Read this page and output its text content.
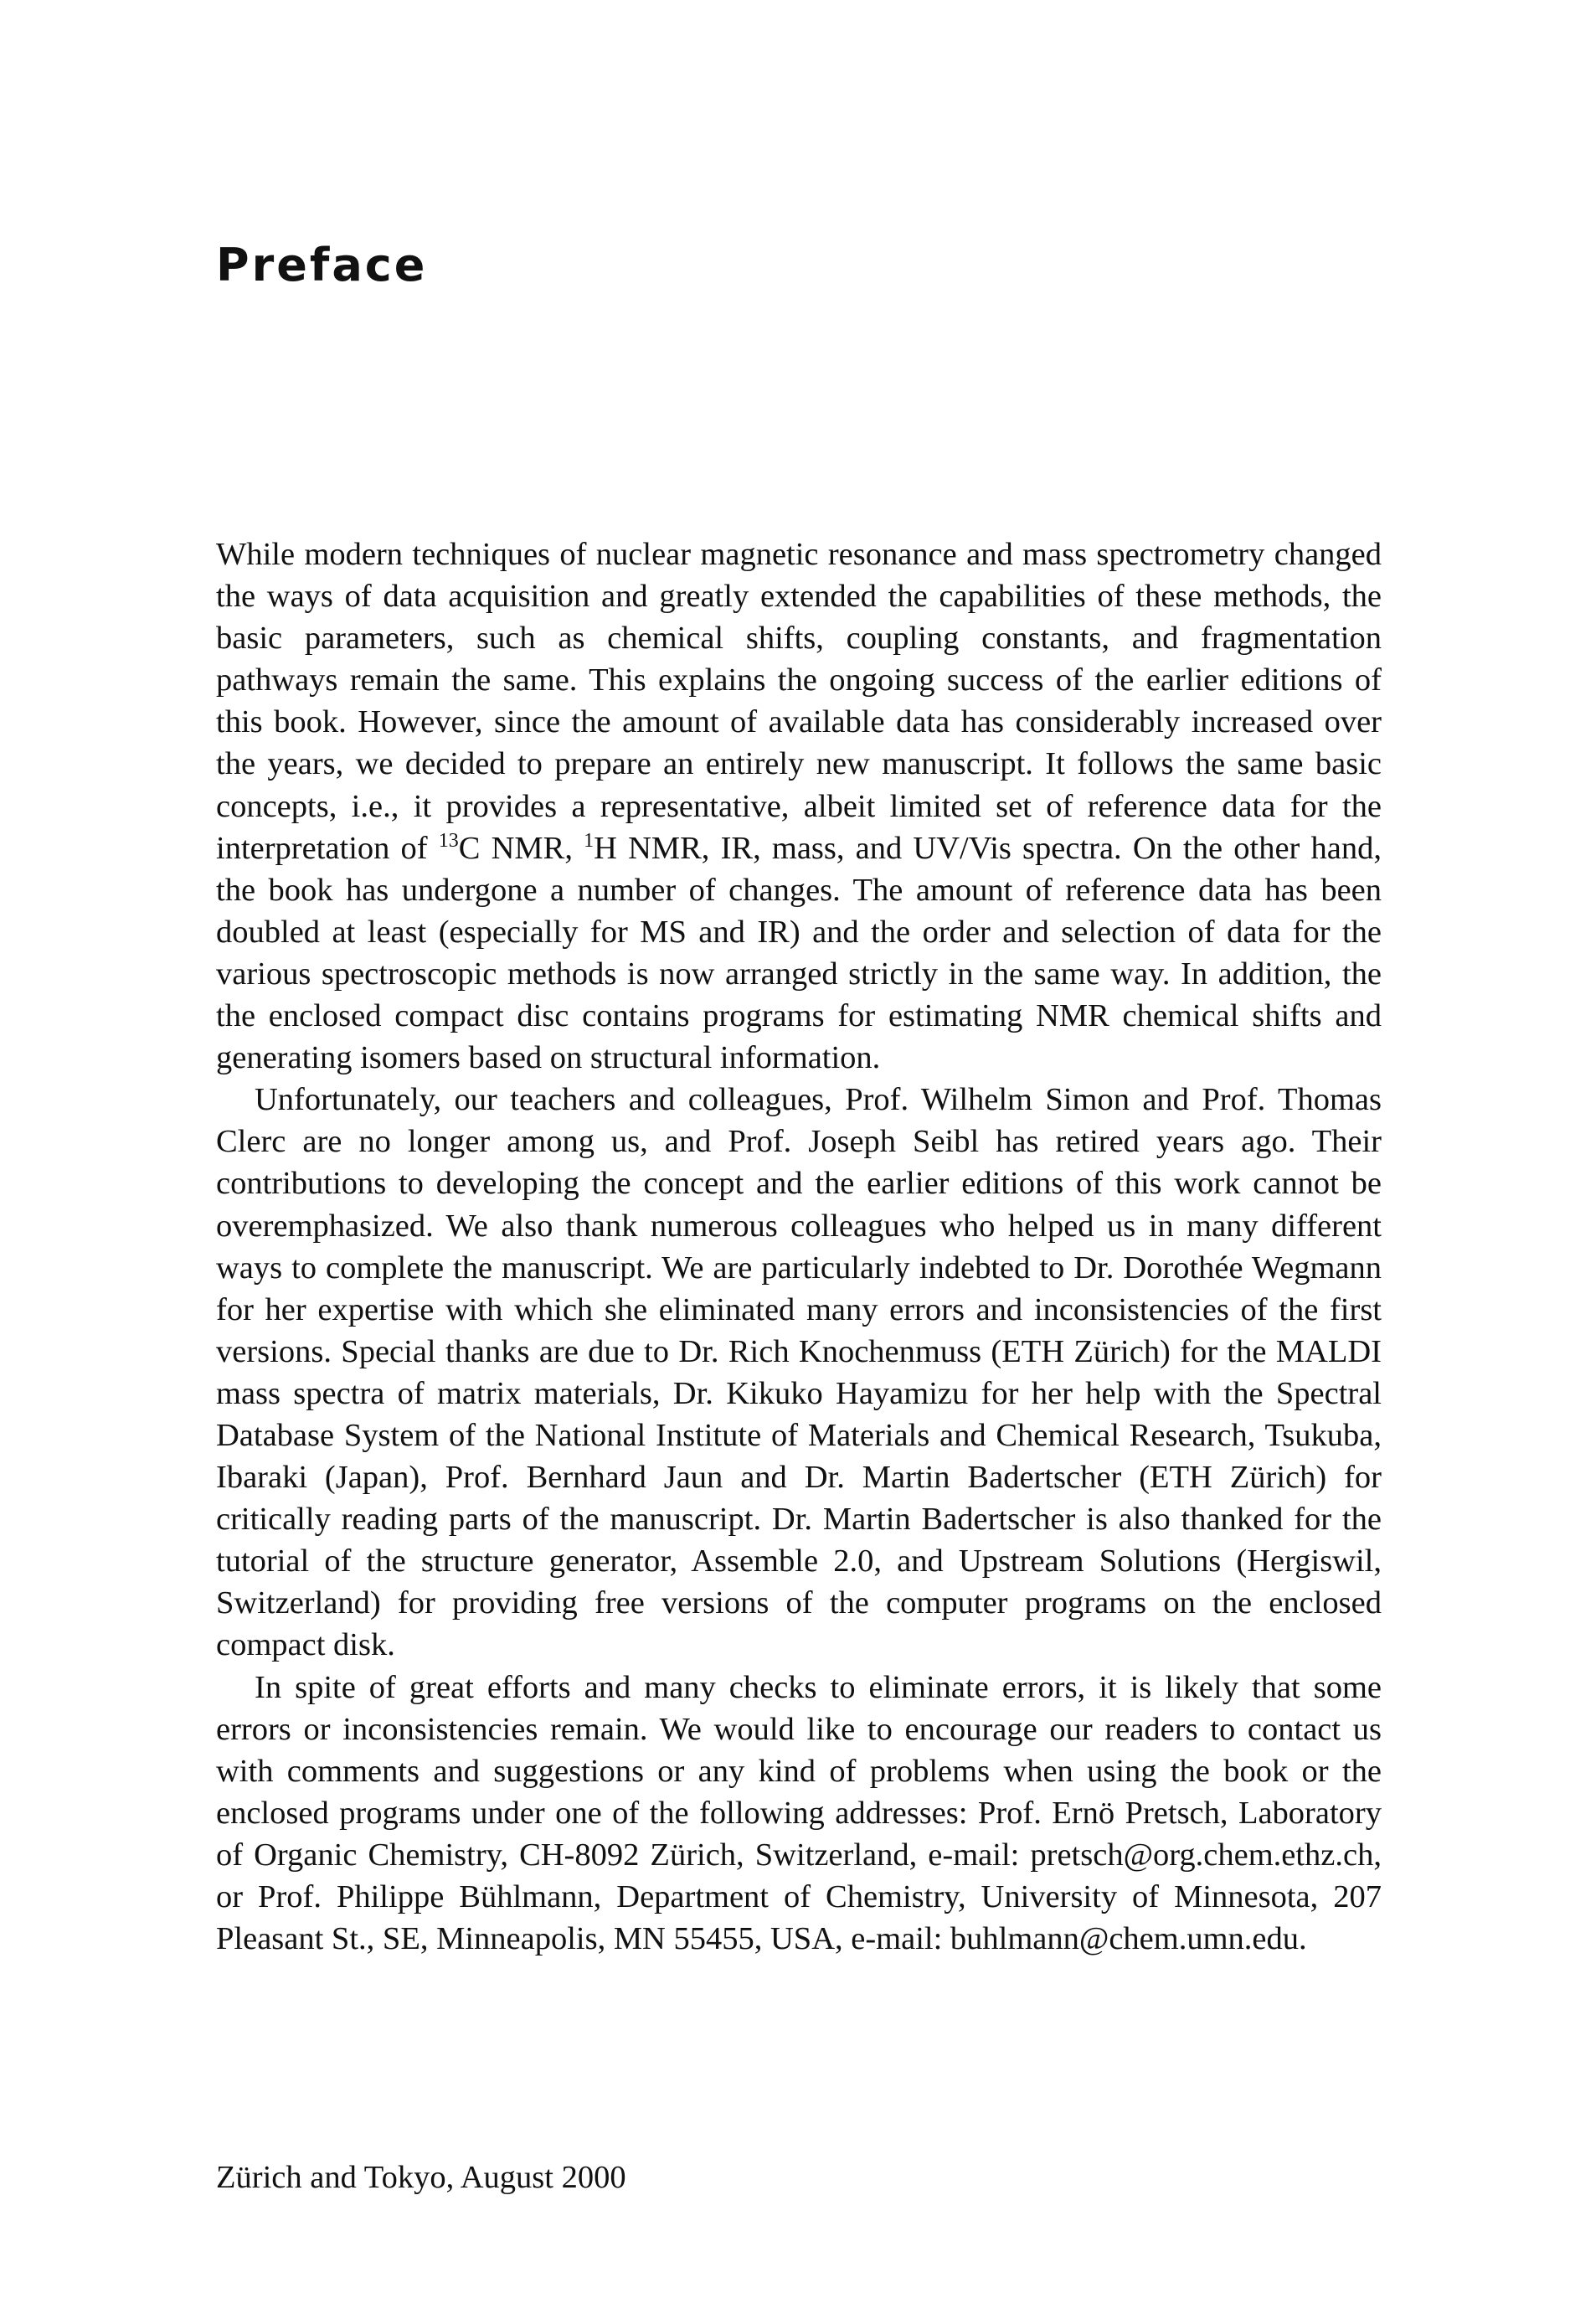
Preface

While modern techniques of nuclear magnetic resonance and mass spectrometry changed the ways of data acquisition and greatly extended the capabilities of these methods, the basic parameters, such as chemical shifts, coupling constants, and fragmentation pathways remain the same. This explains the ongoing success of the earlier editions of this book. However, since the amount of available data has considerably increased over the years, we decided to prepare an entirely new manuscript. It follows the same basic concepts, i.e., it provides a representative, albeit limited set of reference data for the interpretation of $^{13}$C NMR, $^1$H NMR, IR, mass, and UV/Vis spectra. On the other hand, the book has undergone a number of changes. The amount of reference data has been doubled at least (especially for MS and IR) and the order and selection of data for the various spectroscopic methods is now arranged strictly in the same way. In addition, the the enclosed compact disc contains programs for estimating NMR chemical shifts and generating isomers based on structural information.

Unfortunately, our teachers and colleagues, Prof. Wilhelm Simon and Prof. Thomas Clerc are no longer among us, and Prof. Joseph Seibl has retired years ago. Their contributions to developing the concept and the earlier editions of this work cannot be overemphasized. We also thank numerous colleagues who helped us in many different ways to complete the manuscript. We are particularly indebted to Dr. Dorothée Wegmann for her expertise with which she eliminated many errors and inconsistencies of the first versions. Special thanks are due to Dr. Rich Knochenmuss (ETH Zürich) for the MALDI mass spectra of matrix materials, Dr. Kikuko Hayamizu for her help with the Spectral Database System of the National Institute of Materials and Chemical Research, Tsukuba, Ibaraki (Japan), Prof. Bernhard Jaun and Dr. Martin Badertscher (ETH Zürich) for critically reading parts of the manuscript. Dr. Martin Badertscher is also thanked for the tutorial of the structure generator, Assemble 2.0, and Upstream Solutions (Hergiswil, Switzerland) for providing free versions of the computer programs on the enclosed compact disk.

In spite of great efforts and many checks to eliminate errors, it is likely that some errors or inconsistencies remain. We would like to encourage our readers to contact us with comments and suggestions or any kind of problems when using the book or the enclosed programs under one of the following addresses: Prof. Ernö Pretsch, Laboratory of Organic Chemistry, CH-8092 Zürich, Switzerland, e-mail: pretsch@org.chem.ethz.ch, or Prof. Philippe Bühlmann, Department of Chemistry, University of Minnesota, 207 Pleasant St., SE, Minneapolis, MN 55455, USA, e-mail: buhlmann@chem.umn.edu.

Zürich and Tokyo, August 2000
